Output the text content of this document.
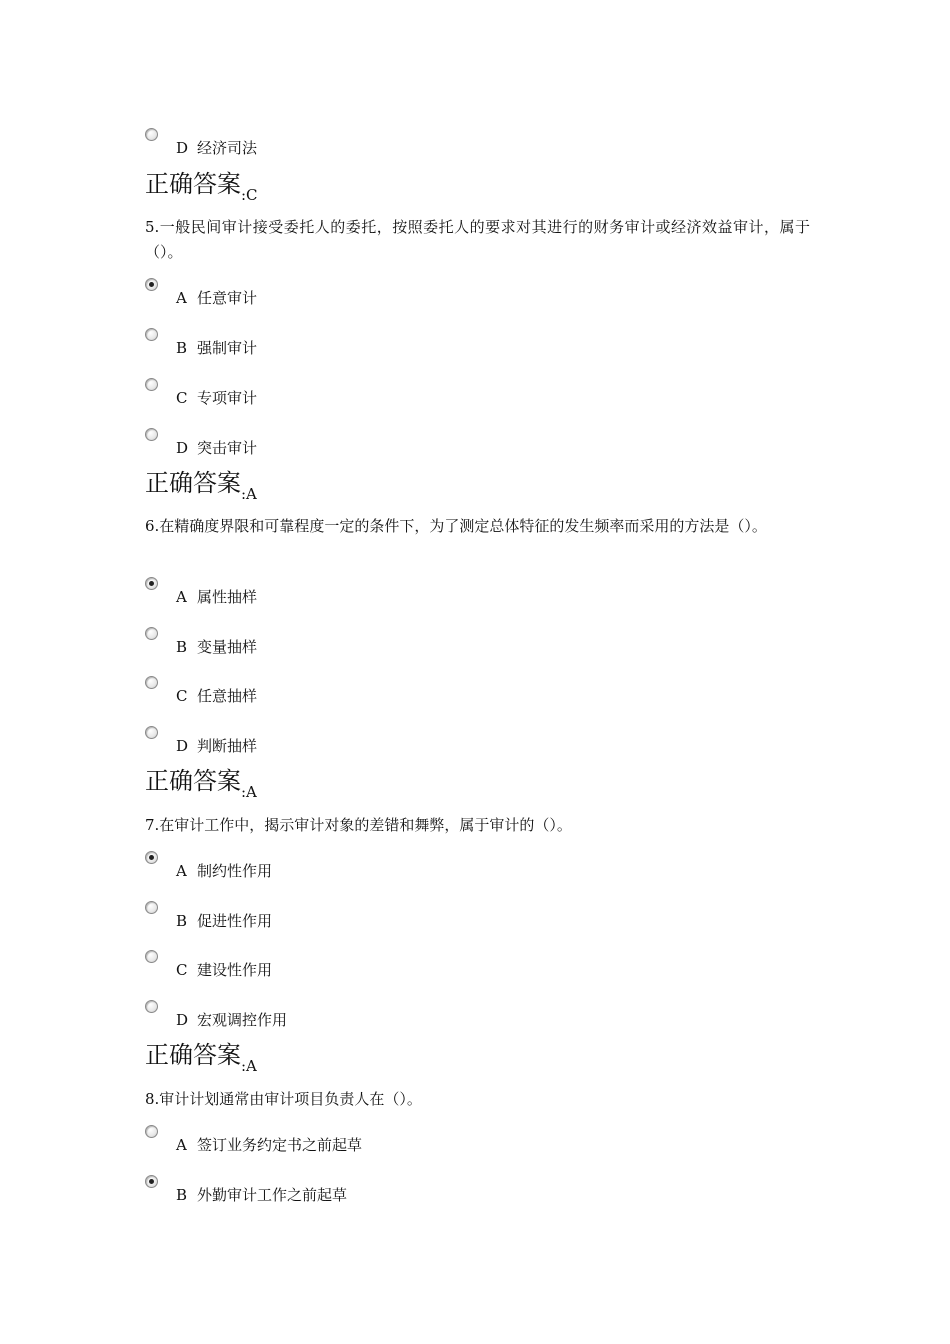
D 经济司法
正确答案:C
5.一般民间审计接受委托人的委托，按照委托人的要求对其进行的财务审计或经济效益审计，属于（）。
A 任意审计
B 强制审计
C 专项审计
D 突击审计
正确答案:A
6.在精确度界限和可靠程度一定的条件下，为了测定总体特征的发生频率而采用的方法是（）。
A 属性抽样
B 变量抽样
C 任意抽样
D 判断抽样
正确答案:A
7.在审计工作中，揭示审计对象的差错和舞弊，属于审计的（）。
A 制约性作用
B 促进性作用
C 建设性作用
D 宏观调控作用
正确答案:A
8.审计计划通常由审计项目负责人在（）。
A 签订业务约定书之前起草
B 外勤审计工作之前起草
